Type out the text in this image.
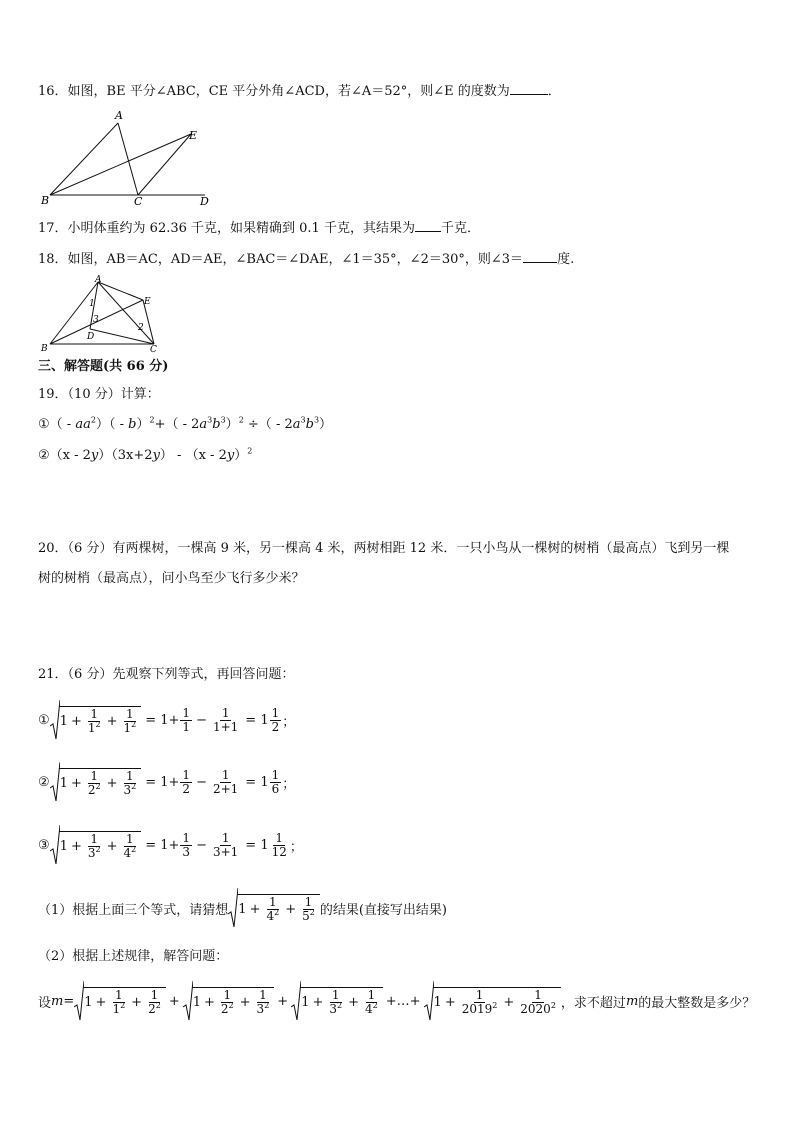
16．如图，BE 平分∠ABC，CE 平分外角∠ACD，若∠A＝52°，则∠E 的度数为	．
A
B	C	D
E
17．小明体重约为 62.36 千克，如果精确到 0.1 千克，其结果为 千克．
18．如图，AB＝AC，AD＝AE，∠BAC＝∠DAE，∠1＝35°，∠2＝30°，则∠3＝	度.
A
B	C
D
E
1
2
3
三、解答题(共 66 分)
19．（10 分）计算：
①（ - $aa^2)( - b)^2+( - 2a^3b^3)^2$ ÷（ - $2a^3b^3$）
②（x - 2y）（3x+2y） - （x - 2y）$^2$
20．（6 分）有两棵树，一棵高 9 米，另一棵高 4 米，两树相距 12 米．一只小鸟从一棵树的树梢（最高点）飞到另一棵
树的树梢（最高点），问小鸟至少飞行多少米？
21．（6 分）先观察下列等式，再回答问题：
① $1 + \frac{1}{1^2} + \frac{1}{1^2} = 1+ \frac{1}{1} - \frac{1}{1+1} = 1 \frac{1}{2}$ ；
② $1 + \frac{1}{2^2} + \frac{1}{3^2} = 1+ \frac{1}{2} - \frac{1}{2+1} = 1 \frac{1}{6}$ ；
③ $1 + \frac{1}{3^2} + \frac{1}{4^2} = 1+ \frac{1}{3} - \frac{1}{3+1} = 1 \frac{1}{12}$ ；
（1）根据上面三个等式，请猜想 $1 + \frac{1}{4^2} + \frac{1}{5^2}$ 的结果(直接写出结果)
（2）根据上述规律，解答问题：
设 $m = 1 + \frac{1}{1^2} + \frac{1}{2^2} + 1 + \frac{1}{2^2} + \frac{1}{3^2} + 1 + \frac{1}{3^2} + \frac{1}{4^2}$ +…+ $1 + \frac{1}{2019^2} + \frac{1}{2020^2}$ ，求不超过 m 的最大整数是多少？
